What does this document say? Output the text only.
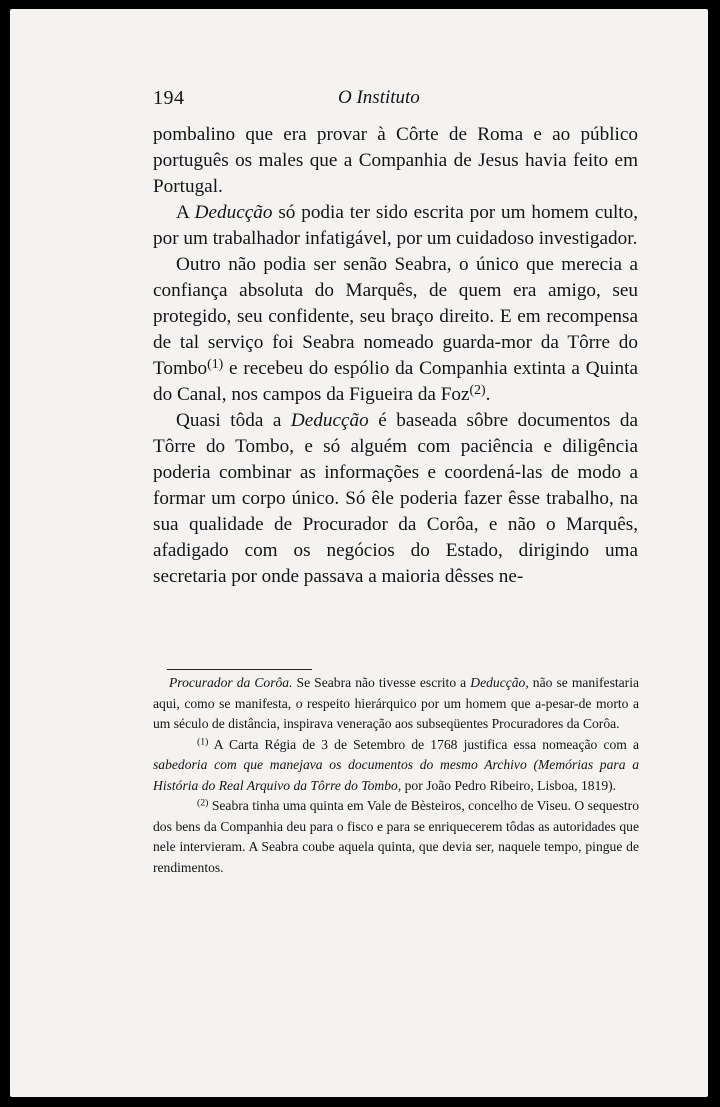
194	O Instituto

pombalino que era provar à Côrte de Roma e ao público português os males que a Companhia de Jesus havia feito em Portugal.

A Deducção só podia ter sido escrita por um homem culto, por um trabalhador infatigável, por um cuidadoso investigador.

Outro não podia ser senão Seabra, o único que merecia a confiança absoluta do Marquês, de quem era amigo, seu protegido, seu confidente, seu braço direito. E em recompensa de tal serviço foi Seabra nomeado guarda-mor da Tôrre do Tombo$^{(1)}$ e recebeu do espólio da Companhia extinta a Quinta do Canal, nos campos da Figueira da Foz$^{(2)}$.

Quasi tôda a Deducção é baseada sôbre documentos da Tôrre do Tombo, e só alguém com paciência e diligência poderia combinar as informações e coordená-las de modo a formar um corpo único. Só êle poderia fazer êsse trabalho, na sua qualidade de Procurador da Corôa, e não o Marquês, afadigado com os negócios do Estado, dirigindo uma secretaria por onde passava a maioria dêsses ne-

Procurador da Corôa. Se Seabra não tivesse escrito a Deducção, não se manifestaria aqui, como se manifesta, o respeito hierárquico por um homem que a-pesar-de morto a um século de distância, inspirava veneração aos subseqüentes Procuradores da Corôa.

$^{(1)}$ A Carta Régia de 3 de Setembro de 1768 justifica essa nomeação com a sabedoria com que manejava os documentos do mesmo Archivo (Memórias para a História do Real Arquivo da Tôrre do Tombo, por João Pedro Ribeiro, Lisboa, 1819).

$^{(2)}$ Seabra tinha uma quinta em Vale de Bèsteiros, concelho de Viseu. O sequestro dos bens da Companhia deu para o fisco e para se enriquecerem tôdas as autoridades que nele intervieram. A Seabra coube aquela quinta, que devia ser, naquele tempo, pingue de rendimentos.
